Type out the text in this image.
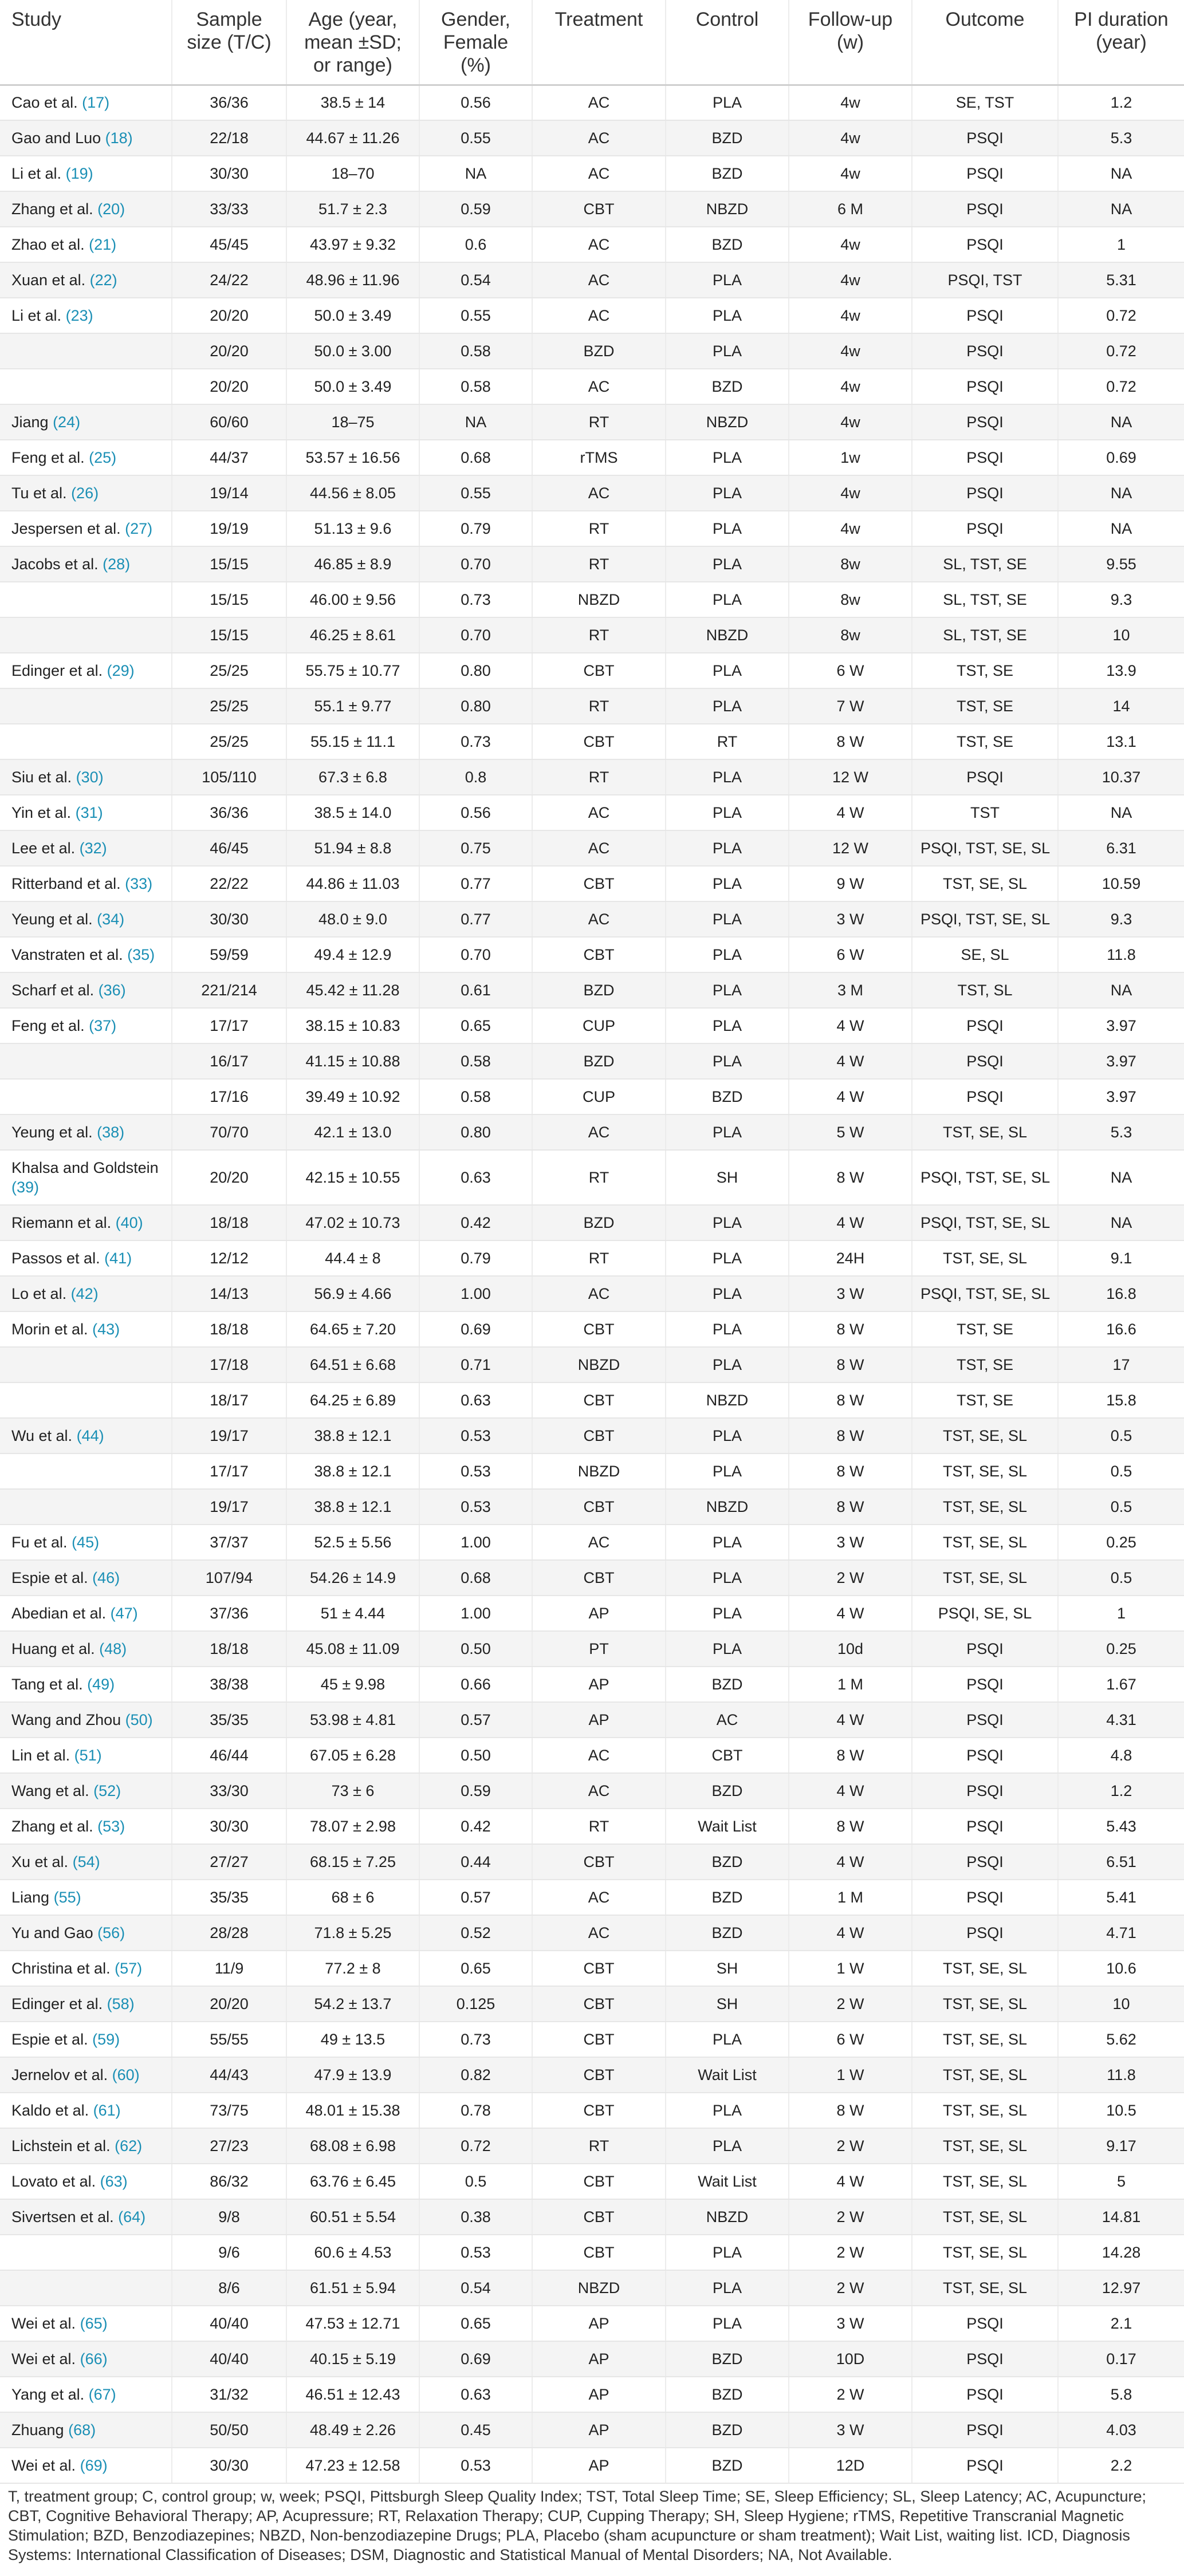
Study	Sample size (T/C)	Age (year, mean ±SD; or range)	Gender, Female (%)	Treatment	Control	Follow-up (w)	Outcome	PI duration (year)
Cao et al. (17)	36/36	38.5 ± 14	0.56	AC	PLA	4w	SE, TST	1.2
Gao and Luo (18)	22/18	44.67 ± 11.26	0.55	AC	BZD	4w	PSQI	5.3
Li et al. (19)	30/30	18–70	NA	AC	BZD	4w	PSQI	NA
Zhang et al. (20)	33/33	51.7 ± 2.3	0.59	CBT	NBZD	6 M	PSQI	NA
Zhao et al. (21)	45/45	43.97 ± 9.32	0.6	AC	BZD	4w	PSQI	1
Xuan et al. (22)	24/22	48.96 ± 11.96	0.54	AC	PLA	4w	PSQI, TST	5.31
Li et al. (23)	20/20	50.0 ± 3.49	0.55	AC	PLA	4w	PSQI	0.72
	20/20	50.0 ± 3.00	0.58	BZD	PLA	4w	PSQI	0.72
	20/20	50.0 ± 3.49	0.58	AC	BZD	4w	PSQI	0.72
Jiang (24)	60/60	18–75	NA	RT	NBZD	4w	PSQI	NA
Feng et al. (25)	44/37	53.57 ± 16.56	0.68	rTMS	PLA	1w	PSQI	0.69
Tu et al. (26)	19/14	44.56 ± 8.05	0.55	AC	PLA	4w	PSQI	NA
Jespersen et al. (27)	19/19	51.13 ± 9.6	0.79	RT	PLA	4w	PSQI	NA
Jacobs et al. (28)	15/15	46.85 ± 8.9	0.70	RT	PLA	8w	SL, TST, SE	9.55
	15/15	46.00 ± 9.56	0.73	NBZD	PLA	8w	SL, TST, SE	9.3
	15/15	46.25 ± 8.61	0.70	RT	NBZD	8w	SL, TST, SE	10
Edinger et al. (29)	25/25	55.75 ± 10.77	0.80	CBT	PLA	6 W	TST, SE	13.9
	25/25	55.1 ± 9.77	0.80	RT	PLA	7 W	TST, SE	14
	25/25	55.15 ± 11.1	0.73	CBT	RT	8 W	TST, SE	13.1
Siu et al. (30)	105/110	67.3 ± 6.8	0.8	RT	PLA	12 W	PSQI	10.37
Yin et al. (31)	36/36	38.5 ± 14.0	0.56	AC	PLA	4 W	TST	NA
Lee et al. (32)	46/45	51.94 ± 8.8	0.75	AC	PLA	12 W	PSQI, TST, SE, SL	6.31
Ritterband et al. (33)	22/22	44.86 ± 11.03	0.77	CBT	PLA	9 W	TST, SE, SL	10.59
Yeung et al. (34)	30/30	48.0 ± 9.0	0.77	AC	PLA	3 W	PSQI, TST, SE, SL	9.3
Vanstraten et al. (35)	59/59	49.4 ± 12.9	0.70	CBT	PLA	6 W	SE, SL	11.8
Scharf et al. (36)	221/214	45.42 ± 11.28	0.61	BZD	PLA	3 M	TST, SL	NA
Feng et al. (37)	17/17	38.15 ± 10.83	0.65	CUP	PLA	4 W	PSQI	3.97
	16/17	41.15 ± 10.88	0.58	BZD	PLA	4 W	PSQI	3.97
	17/16	39.49 ± 10.92	0.58	CUP	BZD	4 W	PSQI	3.97
Yeung et al. (38)	70/70	42.1 ± 13.0	0.80	AC	PLA	5 W	TST, SE, SL	5.3
Khalsa and Goldstein (39)	20/20	42.15 ± 10.55	0.63	RT	SH	8 W	PSQI, TST, SE, SL	NA
Riemann et al. (40)	18/18	47.02 ± 10.73	0.42	BZD	PLA	4 W	PSQI, TST, SE, SL	NA
Passos et al. (41)	12/12	44.4 ± 8	0.79	RT	PLA	24H	TST, SE, SL	9.1
Lo et al. (42)	14/13	56.9 ± 4.66	1.00	AC	PLA	3 W	PSQI, TST, SE, SL	16.8
Morin et al. (43)	18/18	64.65 ± 7.20	0.69	CBT	PLA	8 W	TST, SE	16.6
	17/18	64.51 ± 6.68	0.71	NBZD	PLA	8 W	TST, SE	17
	18/17	64.25 ± 6.89	0.63	CBT	NBZD	8 W	TST, SE	15.8
Wu et al. (44)	19/17	38.8 ± 12.1	0.53	CBT	PLA	8 W	TST, SE, SL	0.5
	17/17	38.8 ± 12.1	0.53	NBZD	PLA	8 W	TST, SE, SL	0.5
	19/17	38.8 ± 12.1	0.53	CBT	NBZD	8 W	TST, SE, SL	0.5
Fu et al. (45)	37/37	52.5 ± 5.56	1.00	AC	PLA	3 W	TST, SE, SL	0.25
Espie et al. (46)	107/94	54.26 ± 14.9	0.68	CBT	PLA	2 W	TST, SE, SL	0.5
Abedian et al. (47)	37/36	51 ± 4.44	1.00	AP	PLA	4 W	PSQI, SE, SL	1
Huang et al. (48)	18/18	45.08 ± 11.09	0.50	PT	PLA	10d	PSQI	0.25
Tang et al. (49)	38/38	45 ± 9.98	0.66	AP	BZD	1 M	PSQI	1.67
Wang and Zhou (50)	35/35	53.98 ± 4.81	0.57	AP	AC	4 W	PSQI	4.31
Lin et al. (51)	46/44	67.05 ± 6.28	0.50	AC	CBT	8 W	PSQI	4.8
Wang et al. (52)	33/30	73 ± 6	0.59	AC	BZD	4 W	PSQI	1.2
Zhang et al. (53)	30/30	78.07 ± 2.98	0.42	RT	Wait List	8 W	PSQI	5.43
Xu et al. (54)	27/27	68.15 ± 7.25	0.44	CBT	BZD	4 W	PSQI	6.51
Liang (55)	35/35	68 ± 6	0.57	AC	BZD	1 M	PSQI	5.41
Yu and Gao (56)	28/28	71.8 ± 5.25	0.52	AC	BZD	4 W	PSQI	4.71
Christina et al. (57)	11/9	77.2 ± 8	0.65	CBT	SH	1 W	TST, SE, SL	10.6
Edinger et al. (58)	20/20	54.2 ± 13.7	0.125	CBT	SH	2 W	TST, SE, SL	10
Espie et al. (59)	55/55	49 ± 13.5	0.73	CBT	PLA	6 W	TST, SE, SL	5.62
Jernelov et al. (60)	44/43	47.9 ± 13.9	0.82	CBT	Wait List	1 W	TST, SE, SL	11.8
Kaldo et al. (61)	73/75	48.01 ± 15.38	0.78	CBT	PLA	8 W	TST, SE, SL	10.5
Lichstein et al. (62)	27/23	68.08 ± 6.98	0.72	RT	PLA	2 W	TST, SE, SL	9.17
Lovato et al. (63)	86/32	63.76 ± 6.45	0.5	CBT	Wait List	4 W	TST, SE, SL	5
Sivertsen et al. (64)	9/8	60.51 ± 5.54	0.38	CBT	NBZD	2 W	TST, SE, SL	14.81
	9/6	60.6 ± 4.53	0.53	CBT	PLA	2 W	TST, SE, SL	14.28
	8/6	61.51 ± 5.94	0.54	NBZD	PLA	2 W	TST, SE, SL	12.97
Wei et al. (65)	40/40	47.53 ± 12.71	0.65	AP	PLA	3 W	PSQI	2.1
Wei et al. (66)	40/40	40.15 ± 5.19	0.69	AP	BZD	10D	PSQI	0.17
Yang et al. (67)	31/32	46.51 ± 12.43	0.63	AP	BZD	2 W	PSQI	5.8
Zhuang (68)	50/50	48.49 ± 2.26	0.45	AP	BZD	3 W	PSQI	4.03
Wei et al. (69)	30/30	47.23 ± 12.58	0.53	AP	BZD	12D	PSQI	2.2
T, treatment group; C, control group; w, week; PSQI, Pittsburgh Sleep Quality Index; TST, Total Sleep Time; SE, Sleep Efficiency; SL, Sleep Latency; AC, Acupuncture; CBT, Cognitive Behavioral Therapy; AP, Acupressure; RT, Relaxation Therapy; CUP, Cupping Therapy; SH, Sleep Hygiene; rTMS, Repetitive Transcranial Magnetic Stimulation; BZD, Benzodiazepines; NBZD, Non-benzodiazepine Drugs; PLA, Placebo (sham acupuncture or sham treatment); Wait List, waiting list. ICD, Diagnosis Systems: International Classification of Diseases; DSM, Diagnostic and Statistical Manual of Mental Disorders; NA, Not Available.
